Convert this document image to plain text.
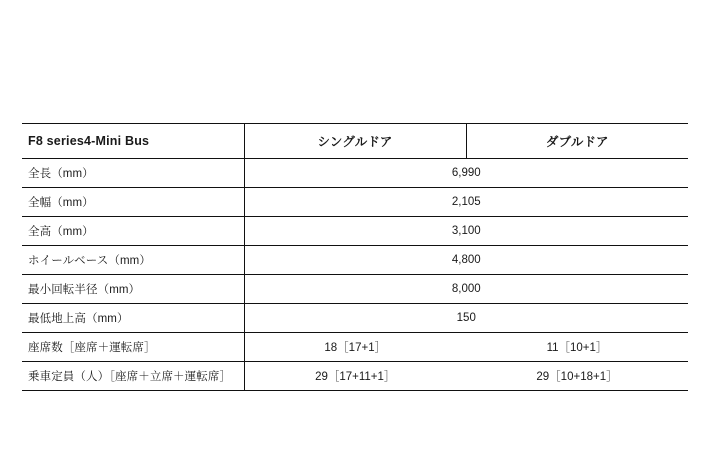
F8 series4-Mini Bus	シングルドア	ダブルドア
全長（mm）	6,990	
全幅（mm）	2,105	
全高（mm）	3,100	
ホイールベース（mm）	4,800	
最小回転半径（mm）	8,000	
最低地上高（mm）	150	
座席数［座席＋運転席］	18［17+1］	11［10+1］
乗車定員（人）［座席＋立席＋運転席］	29［17+11+1］	29［10+18+1］
